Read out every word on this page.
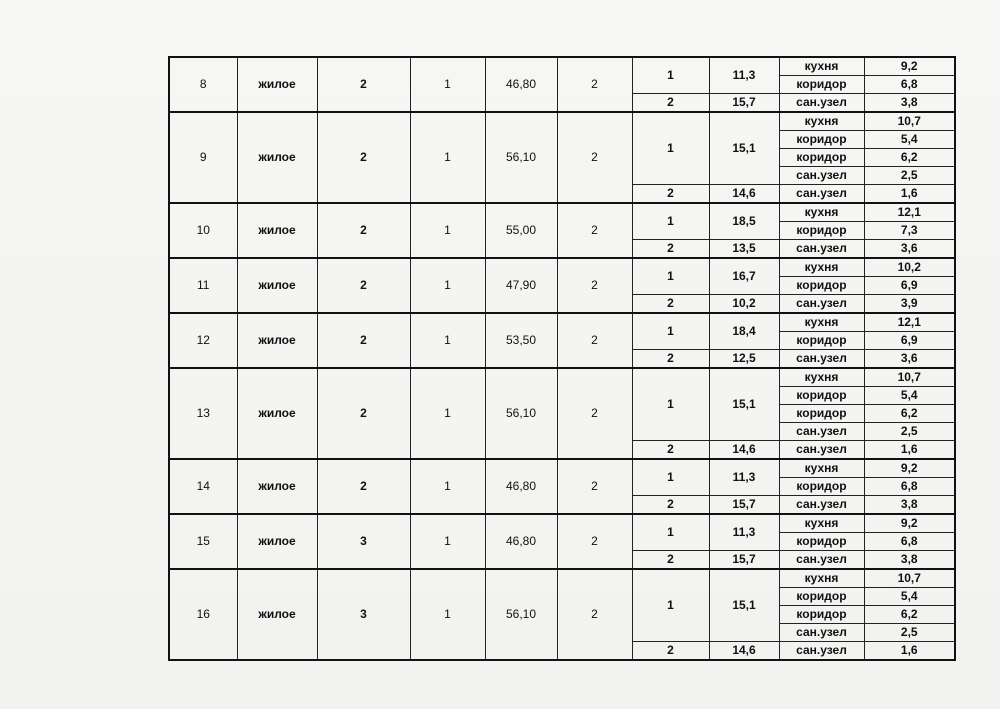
8	жилое	2	1	46,80	2	1	11,3	кухня	9,2
								коридор	6,8
						2	15,7	сан.узел	3,8
9	жилое	2	1	56,10	2	1	15,1	кухня	10,7
								коридор	5,4
								коридор	6,2
								сан.узел	2,5
						2	14,6	сан.узел	1,6
10	жилое	2	1	55,00	2	1	18,5	кухня	12,1
								коридор	7,3
						2	13,5	сан.узел	3,6
11	жилое	2	1	47,90	2	1	16,7	кухня	10,2
								коридор	6,9
						2	10,2	сан.узел	3,9
12	жилое	2	1	53,50	2	1	18,4	кухня	12,1
								коридор	6,9
						2	12,5	сан.узел	3,6
13	жилое	2	1	56,10	2	1	15,1	кухня	10,7
								коридор	5,4
								коридор	6,2
								сан.узел	2,5
						2	14,6	сан.узел	1,6
14	жилое	2	1	46,80	2	1	11,3	кухня	9,2
								коридор	6,8
						2	15,7	сан.узел	3,8
15	жилое	3	1	46,80	2	1	11,3	кухня	9,2
								коридор	6,8
						2	15,7	сан.узел	3,8
16	жилое	3	1	56,10	2	1	15,1	кухня	10,7
								коридор	5,4
								коридор	6,2
								сан.узел	2,5
						2	14,6	сан.узел	1,6
